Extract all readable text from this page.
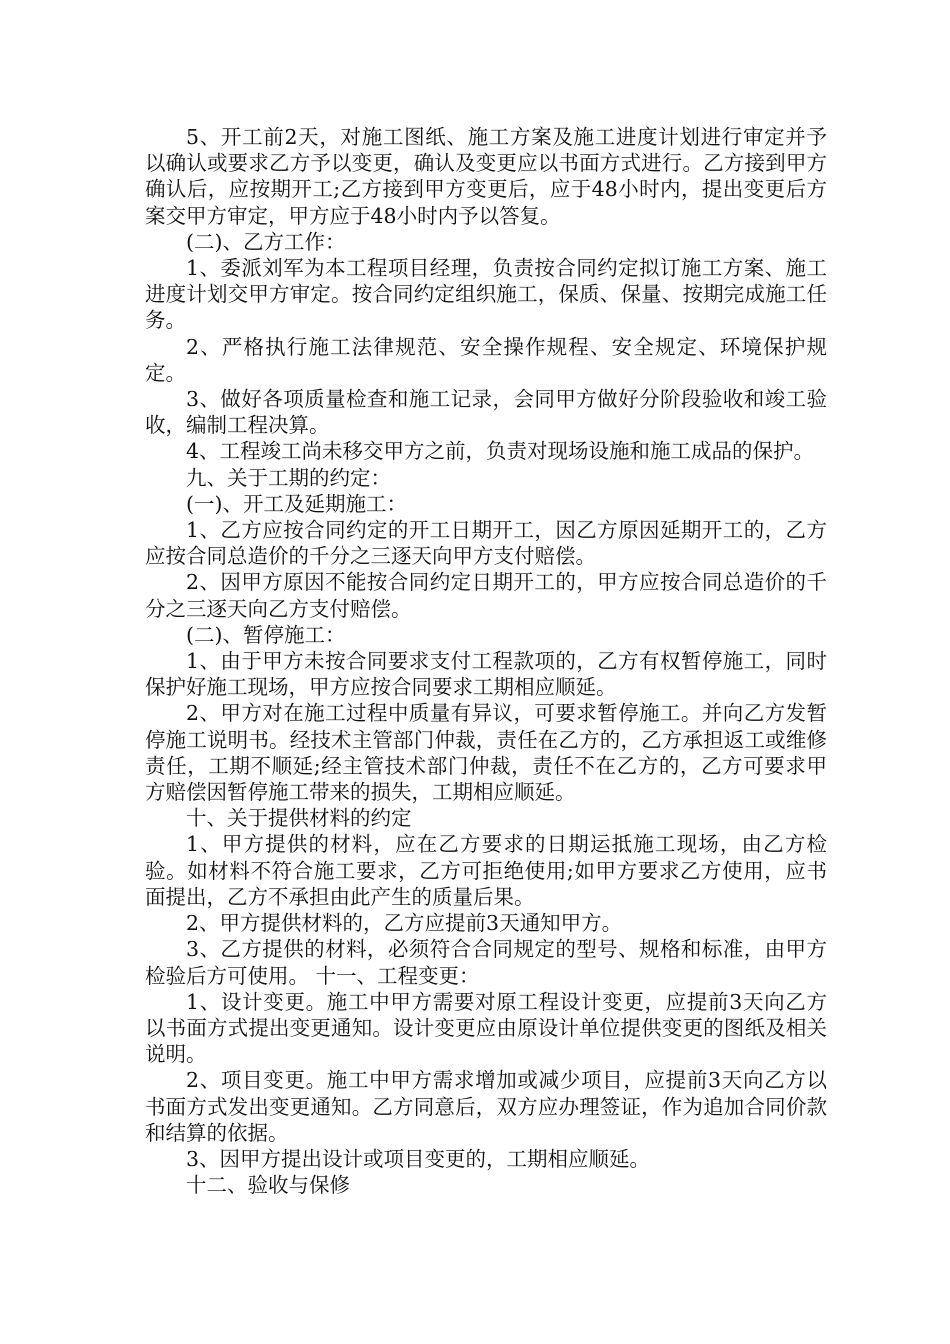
5、开工前2天，对施工图纸、施工方案及施工进度计划进行审定并予以确认或要求乙方予以变更，确认及变更应以书面方式进行。乙方接到甲方确认后，应按期开工;乙方接到甲方变更后，应于48小时内，提出变更后方案交甲方审定，甲方应于48小时内予以答复。

(二)、乙方工作：

1、委派刘军为本工程项目经理，负责按合同约定拟订施工方案、施工进度计划交甲方审定。按合同约定组织施工，保质、保量、按期完成施工任务。

2、严格执行施工法律规范、安全操作规程、安全规定、环境保护规定。

3、做好各项质量检查和施工记录，会同甲方做好分阶段验收和竣工验收，编制工程决算。

4、工程竣工尚未移交甲方之前，负责对现场设施和施工成品的保护。

九、关于工期的约定：

(一)、开工及延期施工：

1、乙方应按合同约定的开工日期开工，因乙方原因延期开工的，乙方应按合同总造价的千分之三逐天向甲方支付赔偿。

2、因甲方原因不能按合同约定日期开工的，甲方应按合同总造价的千分之三逐天向乙方支付赔偿。

(二)、暂停施工：

1、由于甲方未按合同要求支付工程款项的，乙方有权暂停施工，同时保护好施工现场，甲方应按合同要求工期相应顺延。

2、甲方对在施工过程中质量有异议，可要求暂停施工。并向乙方发暂停施工说明书。经技术主管部门仲裁，责任在乙方的，乙方承担返工或维修责任，工期不顺延;经主管技术部门仲裁，责任不在乙方的，乙方可要求甲方赔偿因暂停施工带来的损失，工期相应顺延。

十、关于提供材料的约定

1、甲方提供的材料，应在乙方要求的日期运抵施工现场，由乙方检验。如材料不符合施工要求，乙方可拒绝使用;如甲方要求乙方使用，应书面提出，乙方不承担由此产生的质量后果。

2、甲方提供材料的，乙方应提前3天通知甲方。

3、乙方提供的材料，必须符合合同规定的型号、规格和标准，由甲方检验后方可使用。 十一、工程变更：

1、设计变更。施工中甲方需要对原工程设计变更，应提前3天向乙方以书面方式提出变更通知。设计变更应由原设计单位提供变更的图纸及相关说明。

2、项目变更。施工中甲方需求增加或减少项目，应提前3天向乙方以书面方式发出变更通知。乙方同意后，双方应办理签证，作为追加合同价款和结算的依据。

3、因甲方提出设计或项目变更的，工期相应顺延。

十二、验收与保修
